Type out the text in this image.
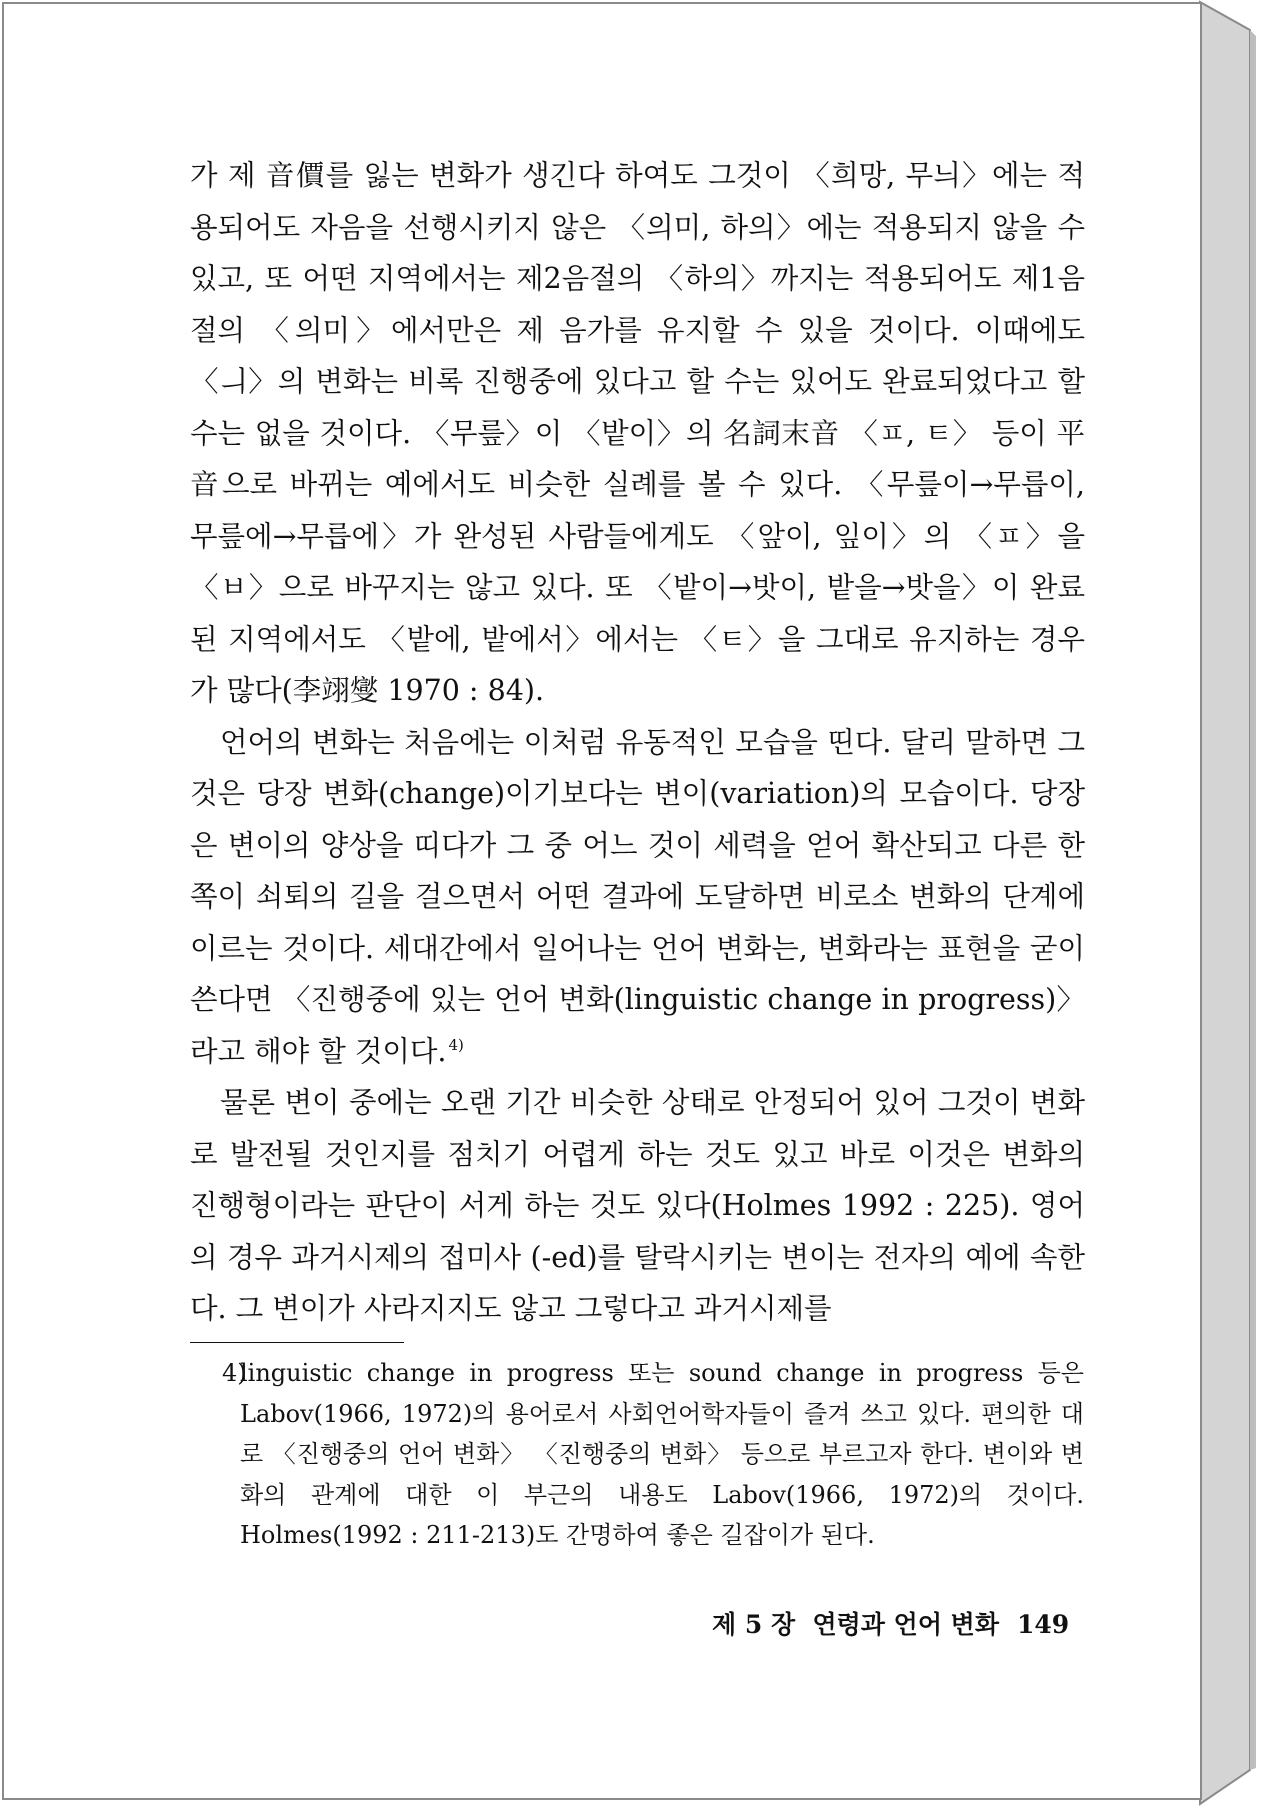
가 제 音價를 잃는 변화가 생긴다 하여도 그것이 〈희망, 무늬〉에는 적용되어도 자음을 선행시키지 않은 〈의미, 하의〉에는 적용되지 않을 수 있고, 또 어떤 지역에서는 제2음절의 〈하의〉까지는 적용되어도 제1음절의 〈의미〉에서만은 제 음가를 유지할 수 있을 것이다. 이때에도 〈ㅢ〉의 변화는 비록 진행중에 있다고 할 수는 있어도 완료되었다고 할 수는 없을 것이다. 〈무릎〉이 〈밭이〉의 名詞末音 〈ㅍ, ㅌ〉 등이 平音으로 바뀌는 예에서도 비슷한 실례를 볼 수 있다. 〈무릎이→무릅이, 무릎에→무릅에〉가 완성된 사람들에게도 〈앞이, 잎이〉의 〈ㅍ〉을 〈ㅂ〉으로 바꾸지는 않고 있다. 또 〈밭이→밧이, 밭을→밧을〉이 완료된 지역에서도 〈밭에, 밭에서〉에서는 〈ㅌ〉을 그대로 유지하는 경우가 많다(李翊燮 1970 : 84).

언어의 변화는 처음에는 이처럼 유동적인 모습을 띤다. 달리 말하면 그것은 당장 변화(change)이기보다는 변이(variation)의 모습이다. 당장은 변이의 양상을 띠다가 그 중 어느 것이 세력을 얻어 확산되고 다른 한쪽이 쇠퇴의 길을 걸으면서 어떤 결과에 도달하면 비로소 변화의 단계에 이르는 것이다. 세대간에서 일어나는 언어 변화는, 변화라는 표현을 굳이 쓴다면 〈진행중에 있는 언어 변화(linguistic change in progress)〉라고 해야 할 것이다. $^{4)}$

물론 변이 중에는 오랜 기간 비슷한 상태로 안정되어 있어 그것이 변화로 발전될 것인지를 점치기 어렵게 하는 것도 있고 바로 이것은 변화의 진행형이라는 판단이 서게 하는 것도 있다(Holmes 1992 : 225). 영어의 경우 과거시제의 접미사 (-ed)를 탈락시키는 변이는 전자의 예에 속한다. 그 변이가 사라지지도 않고 그렇다고 과거시제를

4)
linguistic change in progress 또는 sound change in progress 등은 Labov(1966, 1972)의 용어로서 사회언어학자들이 즐겨 쓰고 있다. 편의한 대로 〈진행중의 언어 변화〉 〈진행중의 변화〉 등으로 부르고자 한다. 변이와 변화의 관계에 대한 이 부근의 내용도 Labov(1966, 1972)의 것이다. Holmes(1992 : 211-213)도 간명하여 좋은 길잡이가 된다.
제 5 장  연령과 언어 변화 149
